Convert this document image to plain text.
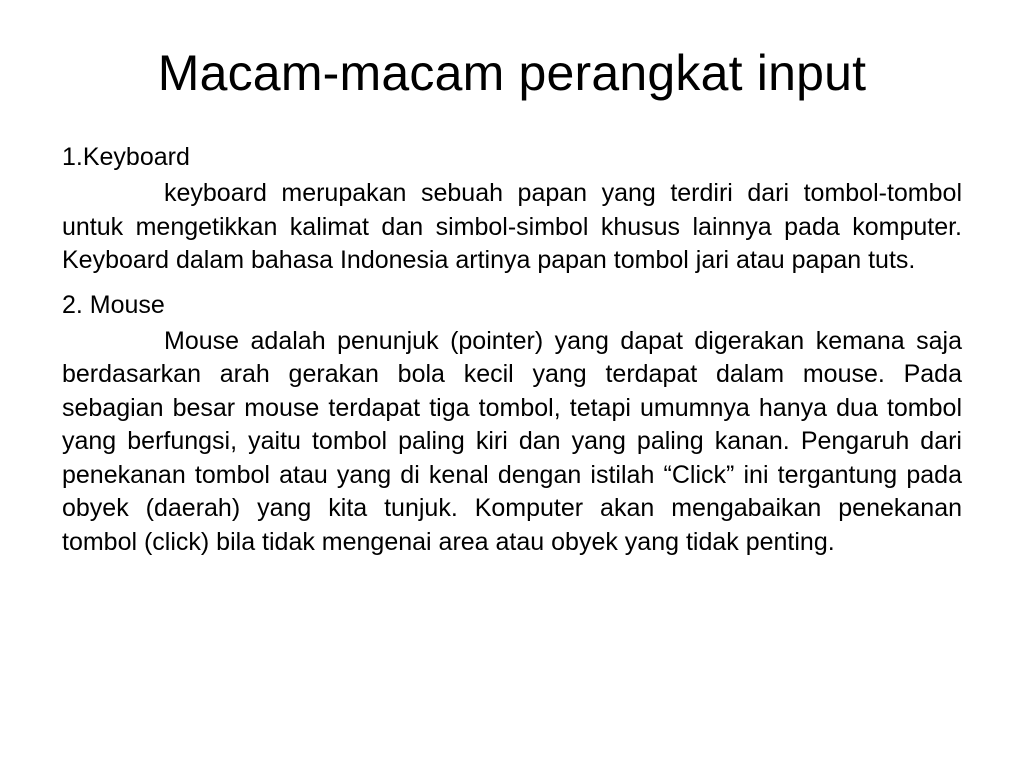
Macam-macam perangkat input

1.Keyboard

keyboard merupakan sebuah papan yang terdiri dari tombol-tombol untuk mengetikkan kalimat dan simbol-simbol khusus lainnya pada komputer. Keyboard dalam bahasa Indonesia artinya papan tombol jari atau papan tuts.

2. Mouse

Mouse adalah penunjuk (pointer) yang dapat digerakan kemana saja berdasarkan arah gerakan bola kecil yang terdapat dalam mouse. Pada sebagian besar mouse terdapat tiga tombol, tetapi umumnya hanya dua tombol yang berfungsi, yaitu tombol paling kiri dan yang paling kanan. Pengaruh dari penekanan tombol atau yang di kenal dengan istilah “Click” ini tergantung pada obyek (daerah) yang kita tunjuk. Komputer akan mengabaikan penekanan tombol (click) bila tidak mengenai area atau obyek yang tidak penting.
